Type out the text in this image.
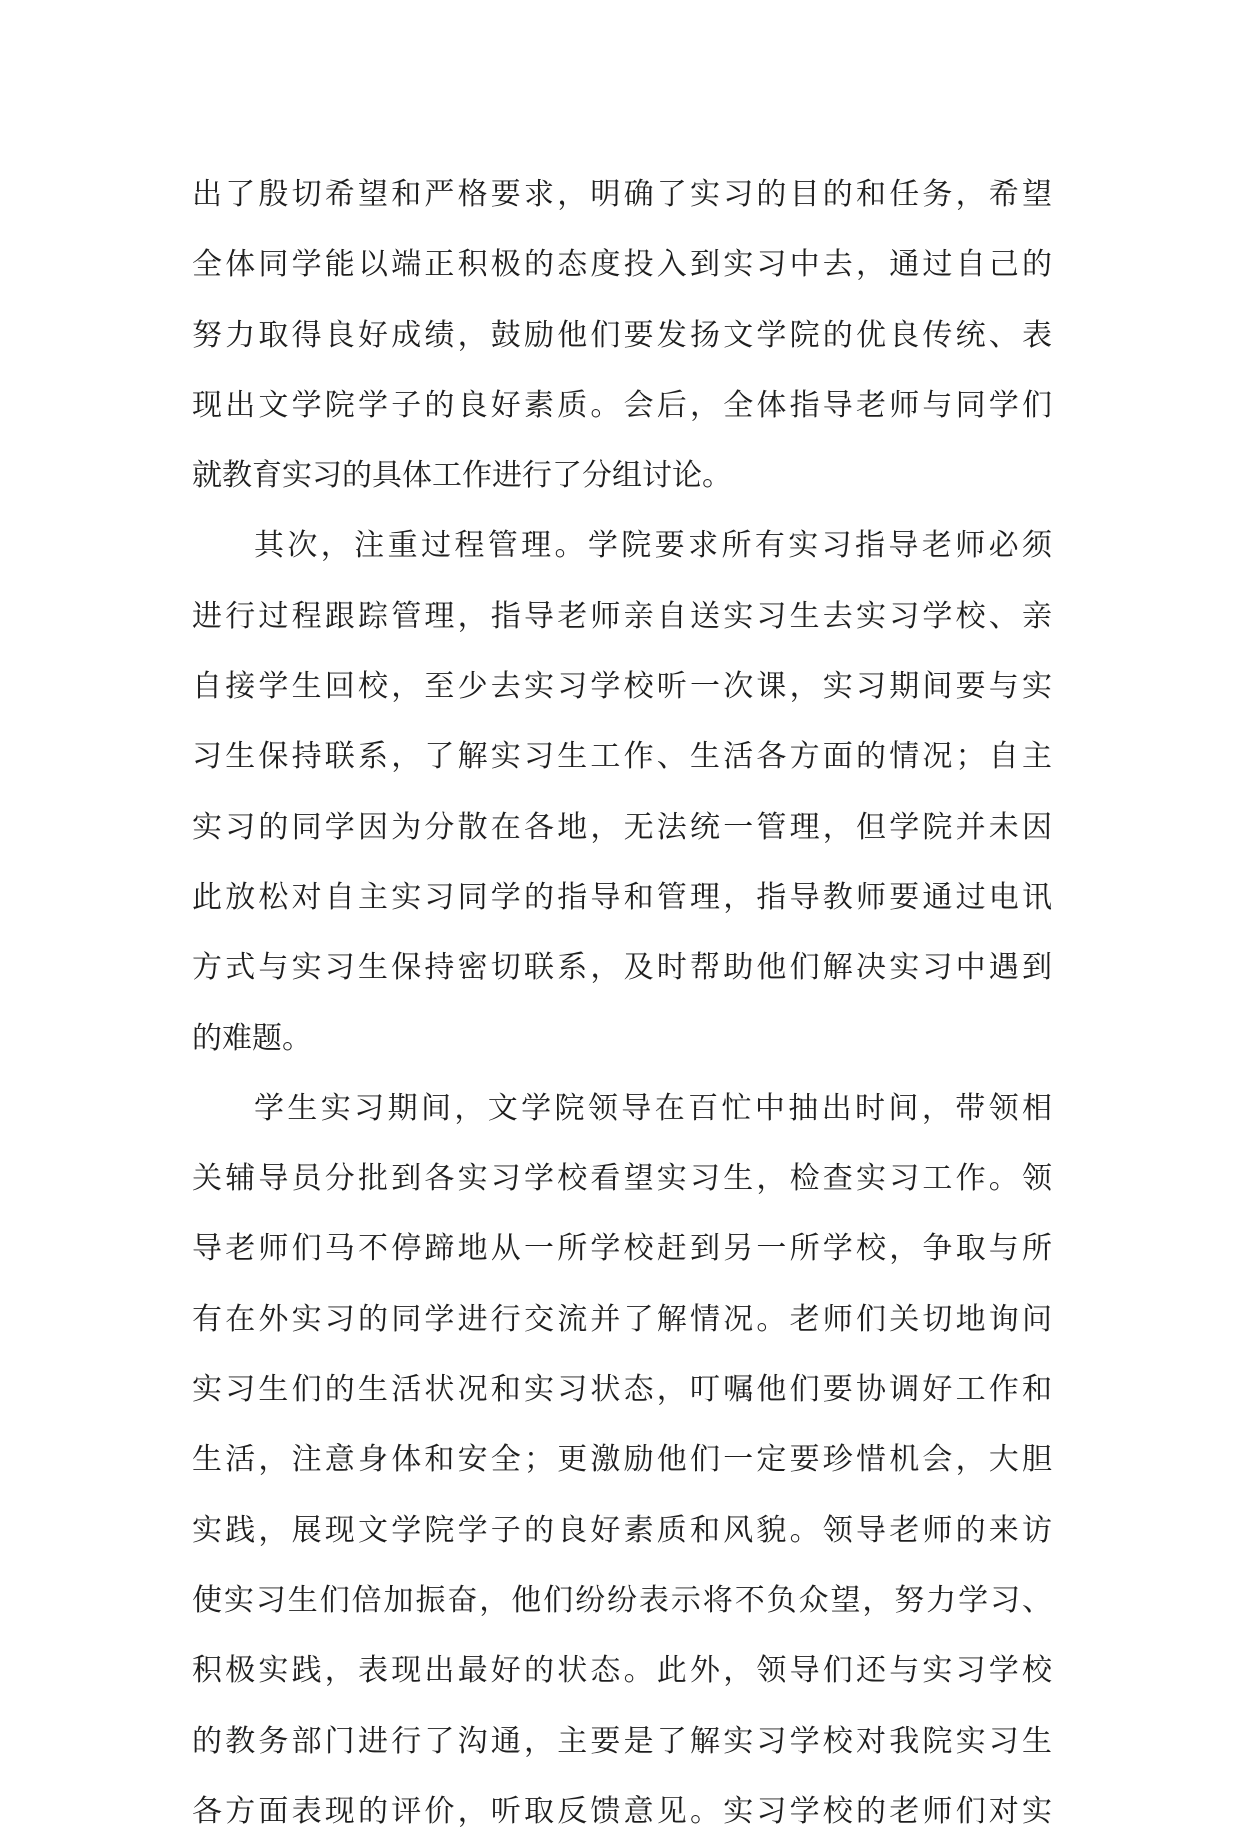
出了殷切希望和严格要求，明确了实习的目的和任务，希望
全体同学能以端正积极的态度投入到实习中去，通过自己的
努力取得良好成绩，鼓励他们要发扬文学院的优良传统、表
现出文学院学子的良好素质。会后，全体指导老师与同学们
就教育实习的具体工作进行了分组讨论。
其次，注重过程管理。学院要求所有实习指导老师必须
进行过程跟踪管理，指导老师亲自送实习生去实习学校、亲
自接学生回校，至少去实习学校听一次课，实习期间要与实
习生保持联系，了解实习生工作、生活各方面的情况；自主
实习的同学因为分散在各地，无法统一管理，但学院并未因
此放松对自主实习同学的指导和管理，指导教师要通过电讯
方式与实习生保持密切联系，及时帮助他们解决实习中遇到
的难题。
学生实习期间，文学院领导在百忙中抽出时间，带领相
关辅导员分批到各实习学校看望实习生，检查实习工作。领
导老师们马不停蹄地从一所学校赶到另一所学校，争取与所
有在外实习的同学进行交流并了解情况。老师们关切地询问
实习生们的生活状况和实习状态，叮嘱他们要协调好工作和
生活，注意身体和安全；更激励他们一定要珍惜机会，大胆
实践，展现文学院学子的良好素质和风貌。领导老师的来访
使实习生们倍加振奋，他们纷纷表示将不负众望，努力学习、
积极实践，表现出最好的状态。此外，领导们还与实习学校
的教务部门进行了沟通，主要是了解实习学校对我院实习生
各方面表现的评价，听取反馈意见。实习学校的老师们对实
